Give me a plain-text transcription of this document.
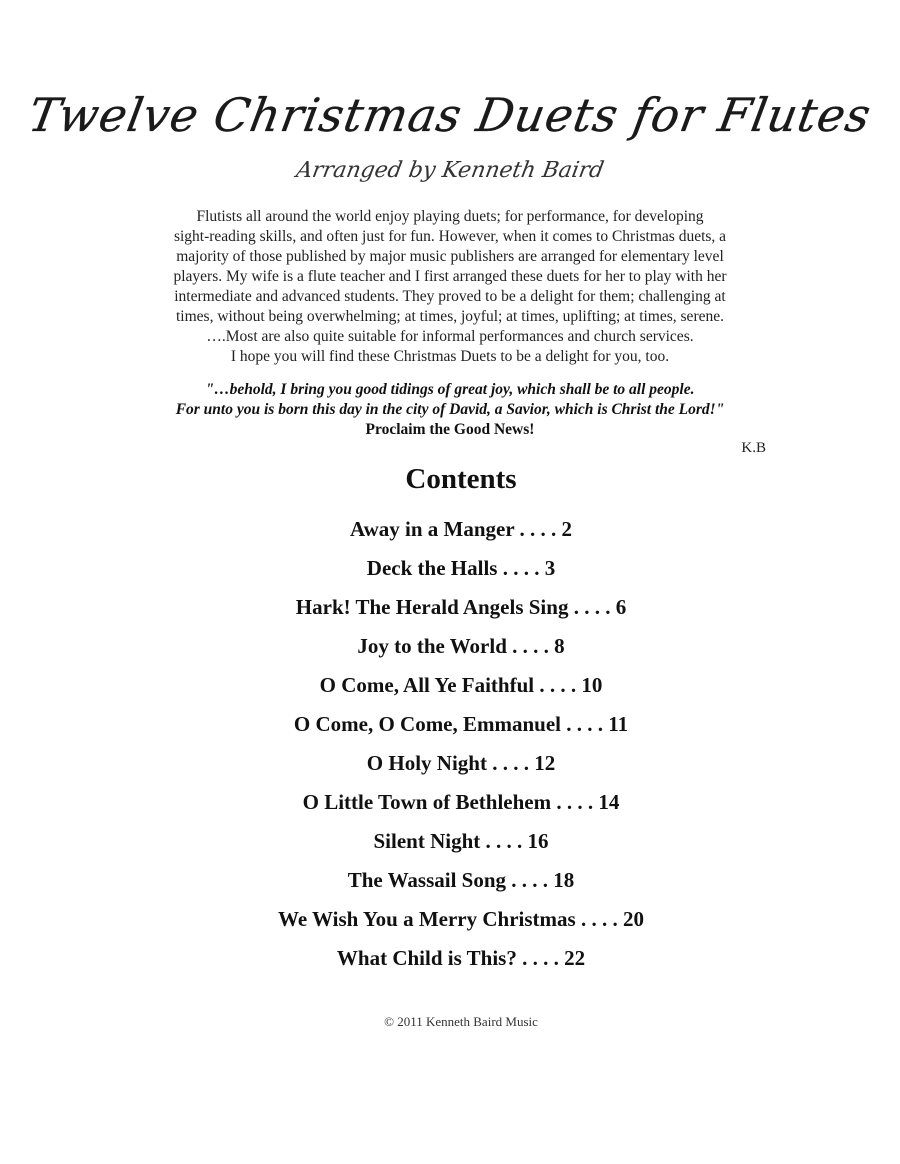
Twelve Christmas Duets for Flutes
Arranged by Kenneth Baird

Flutists all around the world enjoy playing duets; for performance, for developing

sight-reading skills, and often just for fun. However, when it comes to Christmas duets, a

majority of those published by major music publishers are arranged for elementary level

players. My wife is a flute teacher and I first arranged these duets for her to play with her

intermediate and advanced students. They proved to be a delight for them; challenging at

times, without being overwhelming; at times, joyful; at times, uplifting; at times, serene.

….Most are also quite suitable for informal performances and church services.

I hope you will find these Christmas Duets to be a delight for you, too.

"…behold, I bring you good tidings of great joy, which shall be to all people.
For unto you is born this day in the city of David, a Savior, which is Christ the Lord!"
Proclaim the Good News!
K.B
Contents
Away in a Manger . . . . 2
Deck the Halls . . . . 3
Hark! The Herald Angels Sing . . . . 6
Joy to the World . . . . 8
O Come, All Ye Faithful . . . . 10
O Come, O Come, Emmanuel . . . . 11
O Holy Night . . . . 12
O Little Town of Bethlehem . . . . 14
Silent Night . . . . 16
The Wassail Song . . . . 18
We Wish You a Merry Christmas . . . . 20
What Child is This? . . . . 22
© 2011 Kenneth Baird Music
